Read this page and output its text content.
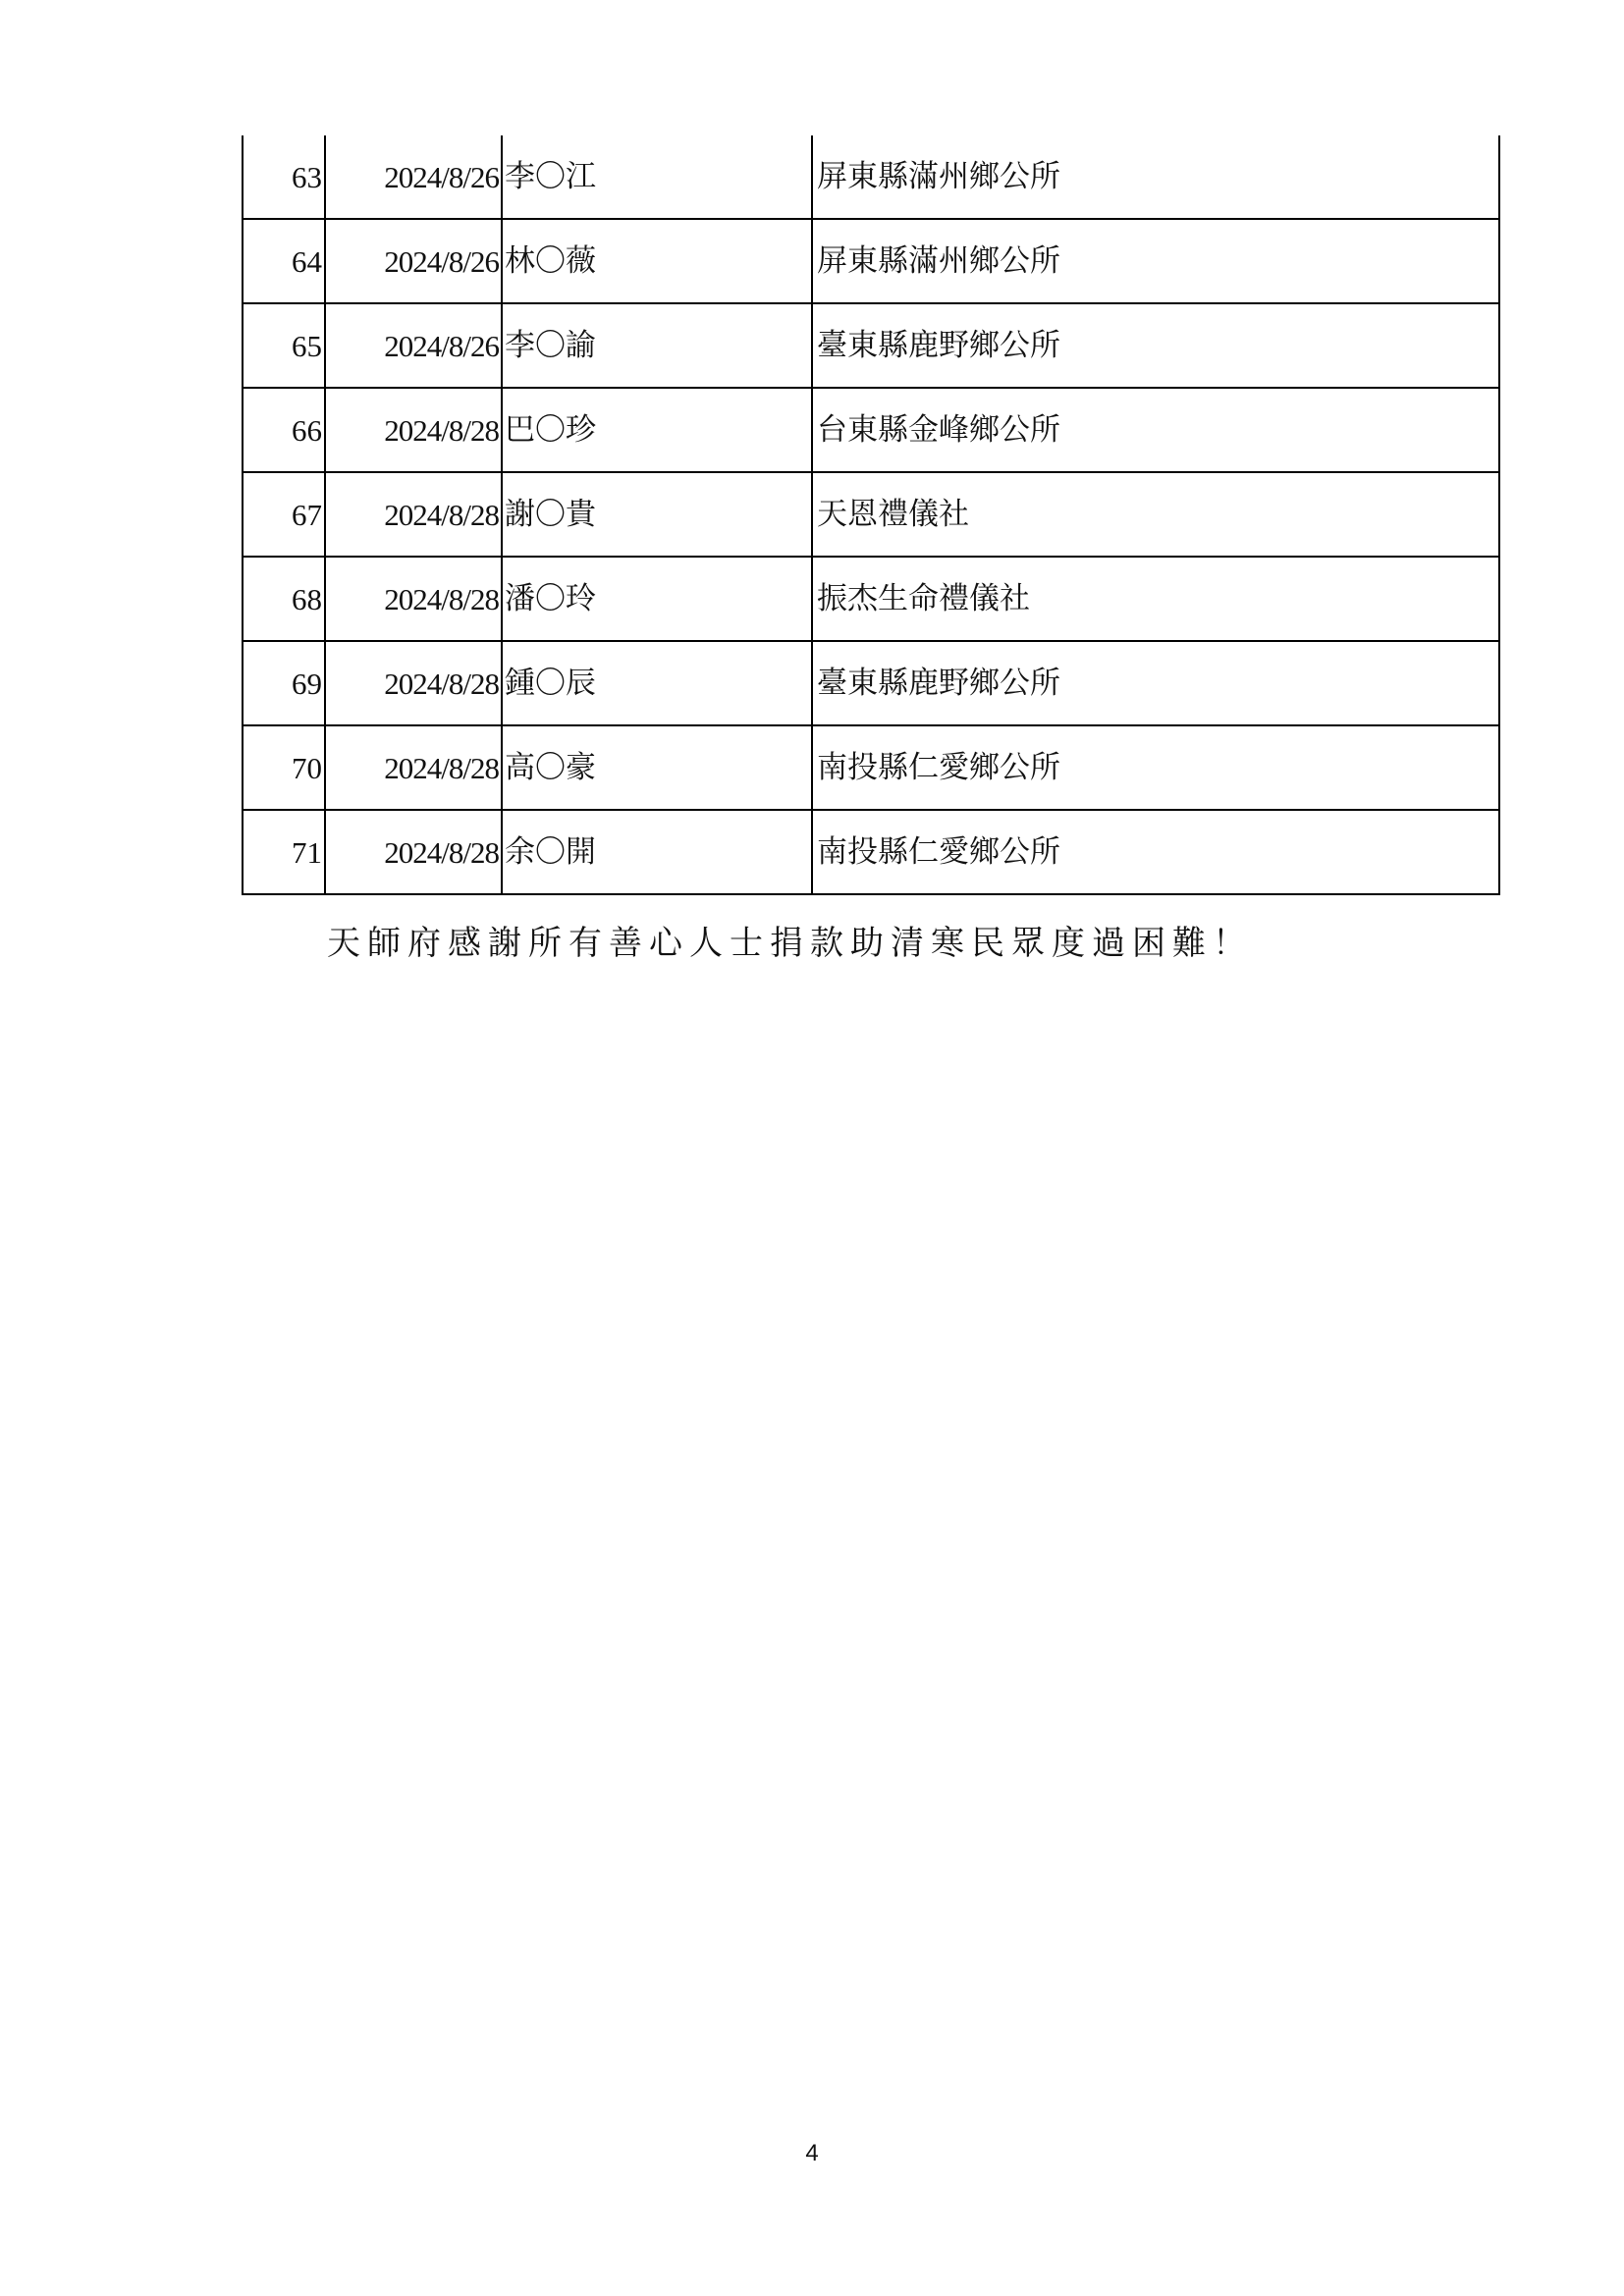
63	2024/8/26	李〇江	屏東縣滿州鄉公所
64	2024/8/26	林〇薇	屏東縣滿州鄉公所
65	2024/8/26	李〇諭	臺東縣鹿野鄉公所
66	2024/8/28	巴〇珍	台東縣金峰鄉公所
67	2024/8/28	謝〇貴	天恩禮儀社
68	2024/8/28	潘〇玲	振杰生命禮儀社
69	2024/8/28	鍾〇辰	臺東縣鹿野鄉公所
70	2024/8/28	高〇豪	南投縣仁愛鄉公所
71	2024/8/28	余〇開	南投縣仁愛鄉公所
天師府感謝所有善心人士捐款助清寒民眾度過困難！
4
